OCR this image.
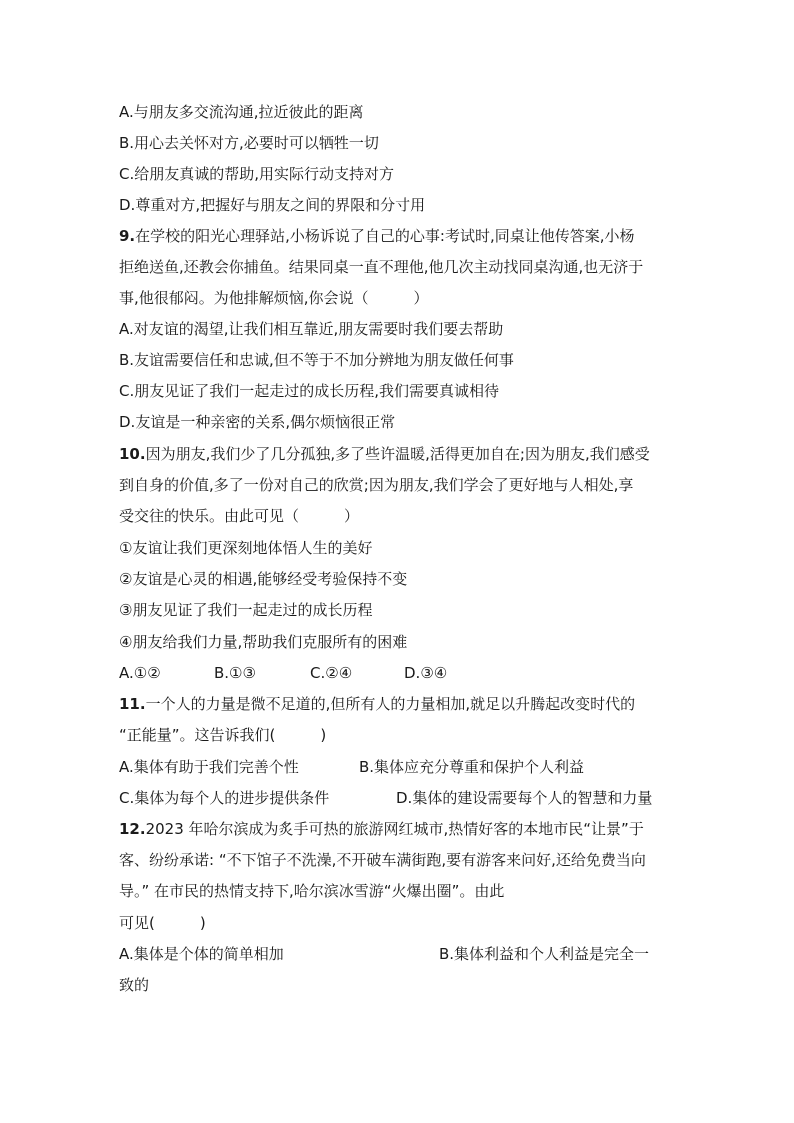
A.与朋友多交流沟通,拉近彼此的距离
B.用心去关怀对方,必要时可以牺牲一切
C.给朋友真诚的帮助,用实际行动支持对方
D.尊重对方,把握好与朋友之间的界限和分寸用
9.在学校的阳光心理驿站,小杨诉说了自己的心事:考试时,同桌让他传答案,小杨
拒绝送鱼,还教会你捕鱼。结果同桌一直不理他,他几次主动找同桌沟通,也无济于
事,他很郁闷。为他排解烦恼,你会说（　　　）
A.对友谊的渴望,让我们相互靠近,朋友需要时我们要去帮助
B.友谊需要信任和忠诚,但不等于不加分辨地为朋友做任何事
C.朋友见证了我们一起走过的成长历程,我们需要真诚相待
D.友谊是一种亲密的关系,偶尔烦恼很正常
10.因为朋友,我们少了几分孤独,多了些许温暖,活得更加自在;因为朋友,我们感受
到自身的价值,多了一份对自己的欣赏;因为朋友,我们学会了更好地与人相处,享
受交往的快乐。由此可见（　　　）
①友谊让我们更深刻地体悟人生的美好
②友谊是心灵的相遇,能够经受考验保持不变
③朋友见证了我们一起走过的成长历程
④朋友给我们力量,帮助我们克服所有的困难
A.①②	B.①③	C.②④	D.③④
11.一个人的力量是微不足道的,但所有人的力量相加,就足以升腾起改变时代的
“正能量”。这告诉我们(　　　)
A.集体有助于我们完善个性	B.集体应充分尊重和保护个人利益
C.集体为每个人的进步提供条件	D.集体的建设需要每个人的智慧和力量
12.2023 年哈尔滨成为炙手可热的旅游网红城市,热情好客的本地市民“让景”于
客、纷纷承诺: “不下馆子不洗澡,不开破车满街跑,要有游客来问好,还给免费当向
导。” 在市民的热情支持下,哈尔滨冰雪游“火爆出圈”。由此
可见(　　　)
A.集体是个体的简单相加	B.集体利益和个人利益是完全一
致的
